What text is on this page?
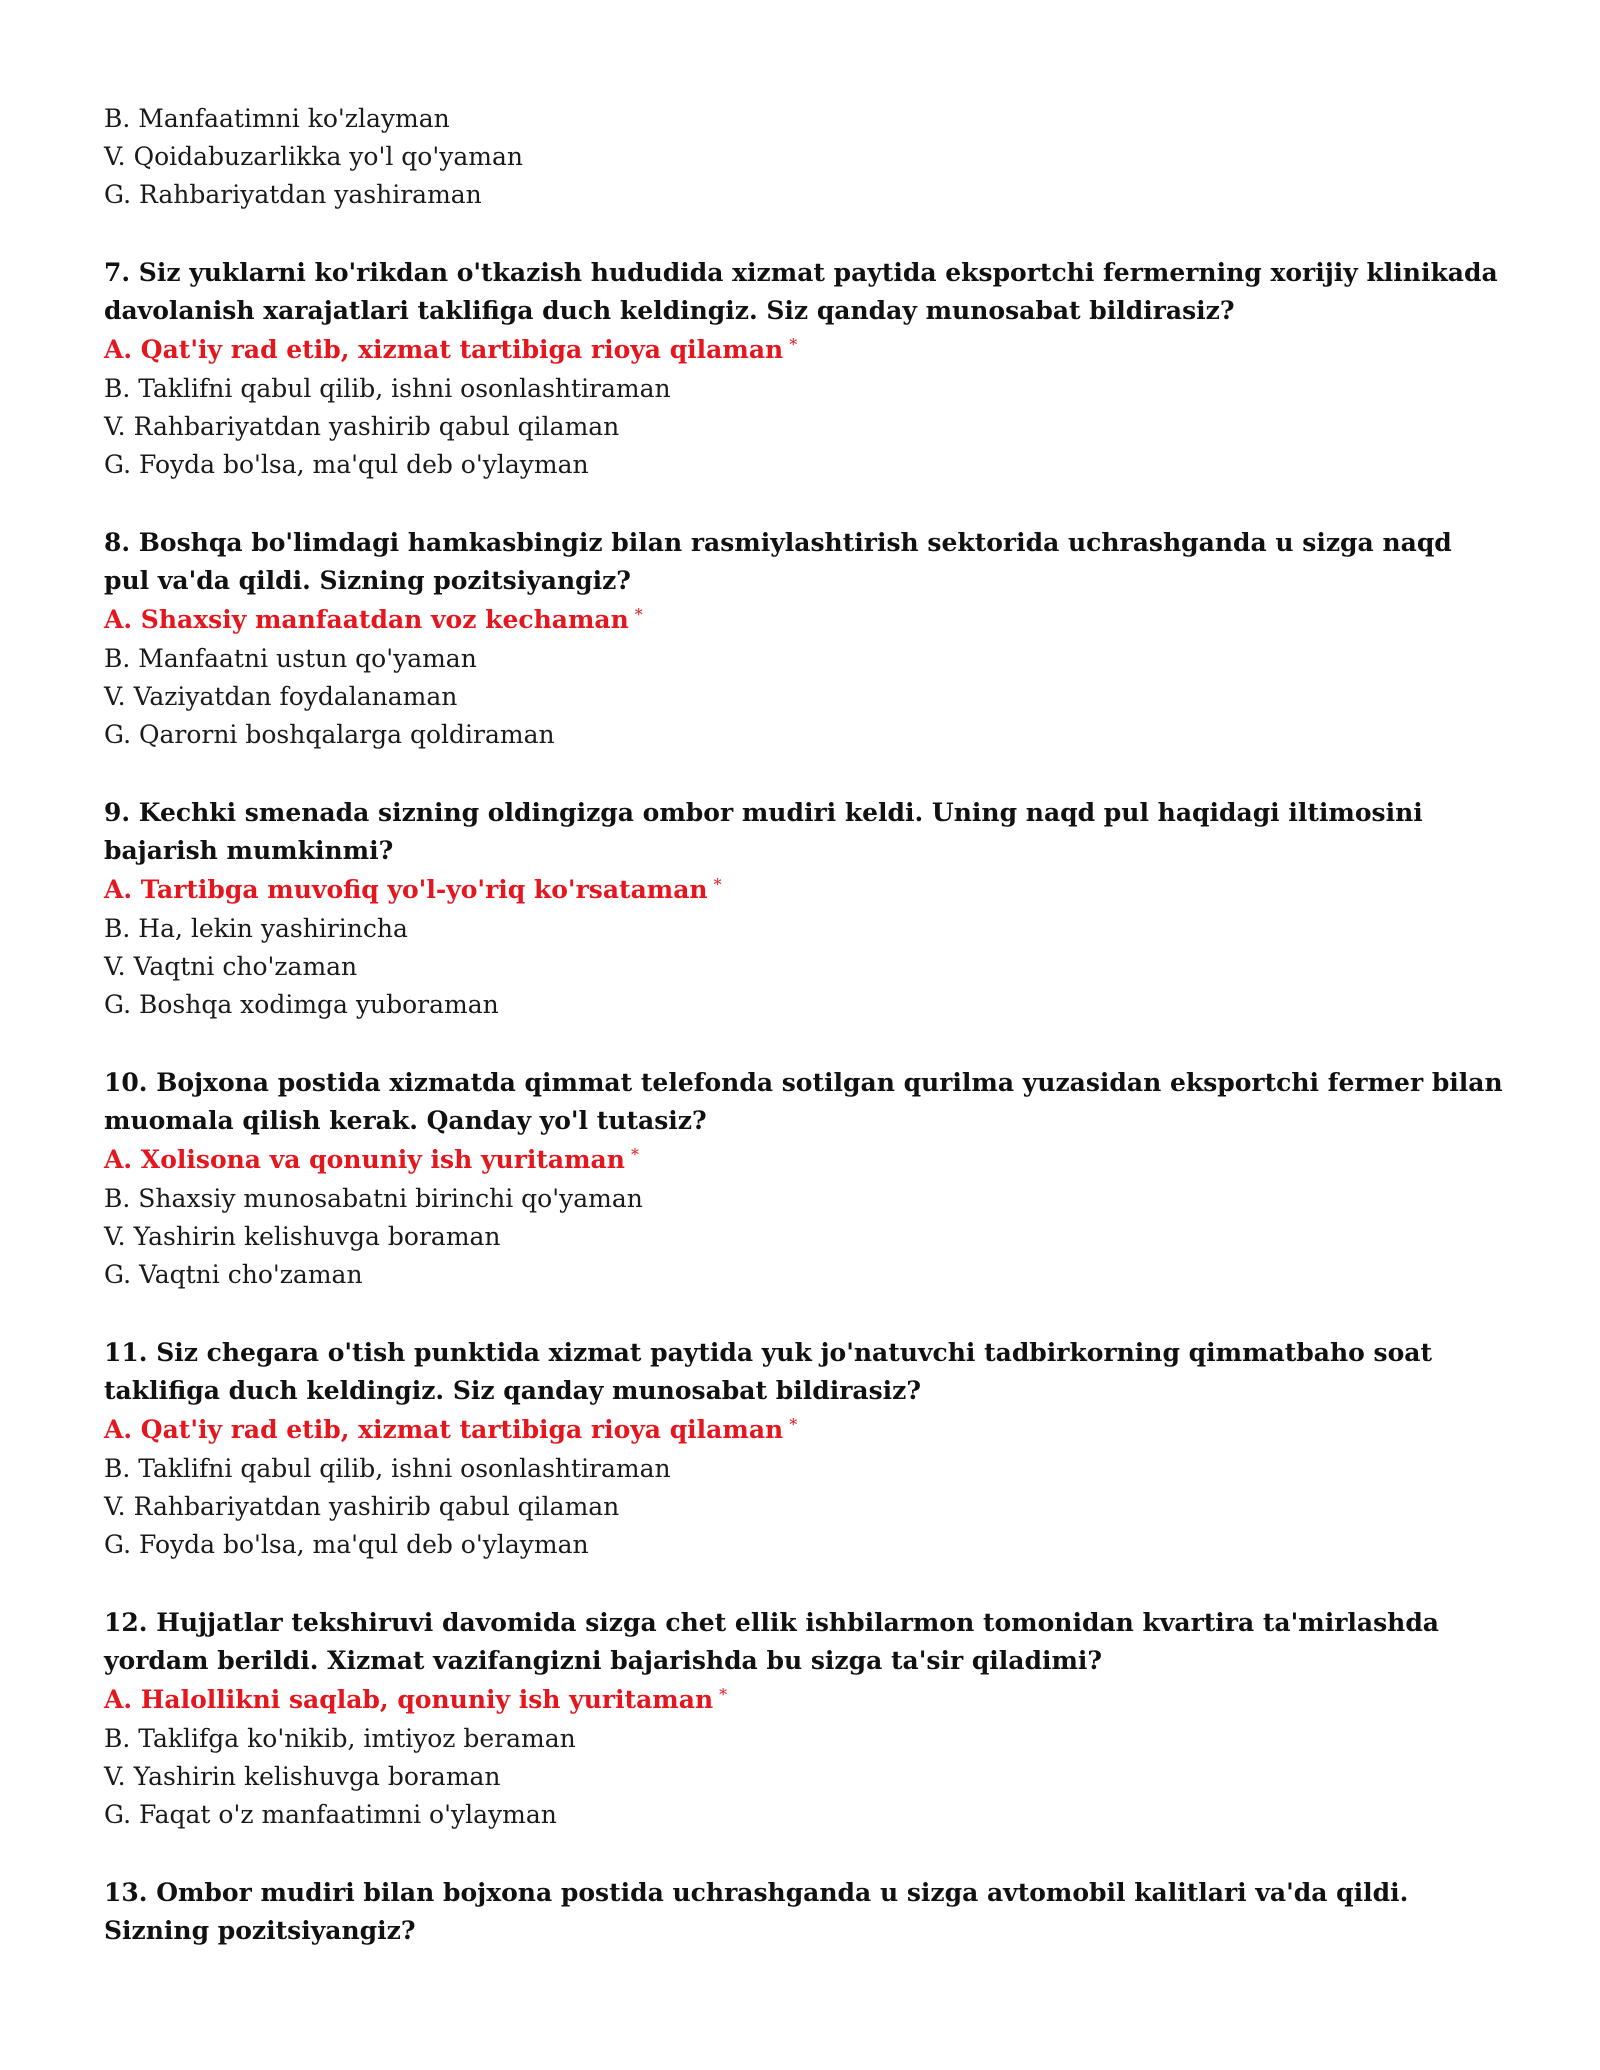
B. Manfaatimni ko'zlayman

V. Qoidabuzarlikka yo'l qo'yaman

G. Rahbariyatdan yashiraman

7. Siz yuklarni ko'rikdan o'tkazish hududida xizmat paytida eksportchi fermerning xorijiy klinikada davolanish xarajatlari taklifiga duch keldingiz. Siz qanday munosabat bildirasiz?

A. Qat'iy rad etib, xizmat tartibiga rioya qilaman *

B. Taklifni qabul qilib, ishni osonlashtiraman

V. Rahbariyatdan yashirib qabul qilaman

G. Foyda bo'lsa, ma'qul deb o'ylayman

8. Boshqa bo'limdagi hamkasbingiz bilan rasmiylashtirish sektorida uchrashganda u sizga naqd pul va'da qildi. Sizning pozitsiyangiz?

A. Shaxsiy manfaatdan voz kechaman *

B. Manfaatni ustun qo'yaman

V. Vaziyatdan foydalanaman

G. Qarorni boshqalarga qoldiraman

9. Kechki smenada sizning oldingizga ombor mudiri keldi. Uning naqd pul haqidagi iltimosini bajarish mumkinmi?

A. Tartibga muvofiq yo'l-yo'riq ko'rsataman *

B. Ha, lekin yashirincha

V. Vaqtni cho'zaman

G. Boshqa xodimga yuboraman

10. Bojxona postida xizmatda qimmat telefonda sotilgan qurilma yuzasidan eksportchi fermer bilan muomala qilish kerak. Qanday yo'l tutasiz?

A. Xolisona va qonuniy ish yuritaman *

B. Shaxsiy munosabatni birinchi qo'yaman

V. Yashirin kelishuvga boraman

G. Vaqtni cho'zaman

11. Siz chegara o'tish punktida xizmat paytida yuk jo'natuvchi tadbirkorning qimmatbaho soat taklifiga duch keldingiz. Siz qanday munosabat bildirasiz?

A. Qat'iy rad etib, xizmat tartibiga rioya qilaman *

B. Taklifni qabul qilib, ishni osonlashtiraman

V. Rahbariyatdan yashirib qabul qilaman

G. Foyda bo'lsa, ma'qul deb o'ylayman

12. Hujjatlar tekshiruvi davomida sizga chet ellik ishbilarmon tomonidan kvartira ta'mirlashda yordam berildi. Xizmat vazifangizni bajarishda bu sizga ta'sir qiladimi?

A. Halollikni saqlab, qonuniy ish yuritaman *

B. Taklifga ko'nikib, imtiyoz beraman

V. Yashirin kelishuvga boraman

G. Faqat o'z manfaatimni o'ylayman

13. Ombor mudiri bilan bojxona postida uchrashganda u sizga avtomobil kalitlari va'da qildi. Sizning pozitsiyangiz?
